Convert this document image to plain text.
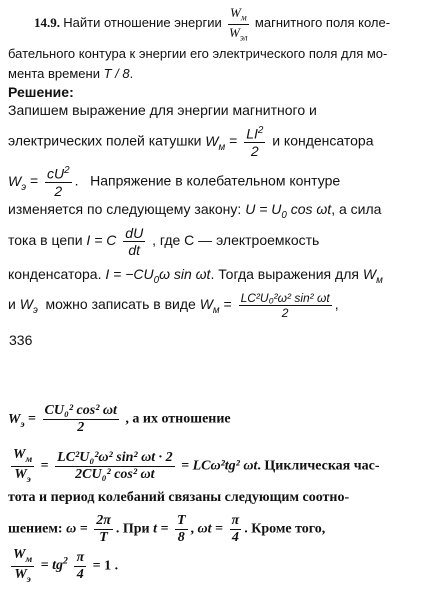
14.9. Найти отношение энергии $\frac{W_м}{W_{эл}}$ магнитного поля коле-
бательного контура к энергии его электрического поля для мо-
мента времени T / 8.
Решение:
Запишем выражение для энергии магнитного и
электрических полей катушки $W_м = \frac{LI^2}{2}$ и конденсатора
$W_э = \frac{cU^2}{2}$ . Напряжение в колебательном контуре
изменяется по следующему закону: $U = U_0$ cos ωt, а сила
тока в цепи I = C $\frac{dU}{dt}$ , где C — электроемкость
конденсатора. $I = -CU_0\omega$ sin ωt. Тогда выражения для $W_м$
и $W_э$ можно записать в виде $W_м = \frac{\text{LC²U₀²ω² sin² ωt}}{2}$ ,
336
$W_э = \frac{\text{CU₀² cos² ωt}}{2}$ , а их отношение
$\frac{W_м}{W_э} = \frac{\text{LC²U₀²ω² sin² ωt · 2}}{\text{2CU₀² cos² ωt}} = LC\omega^2tg^2$ ωt. Циклическая час-
тота и период колебаний связаны следующим соотно-
шением: $\omega = \frac{2\pi}{T}$ . При $t = \frac{T}{8}$ , $\omega t = \frac{\pi}{4}$ . Кроме того,
$\frac{W_м}{W_э} = tg^2 \frac{\pi}{4} = 1$ .
